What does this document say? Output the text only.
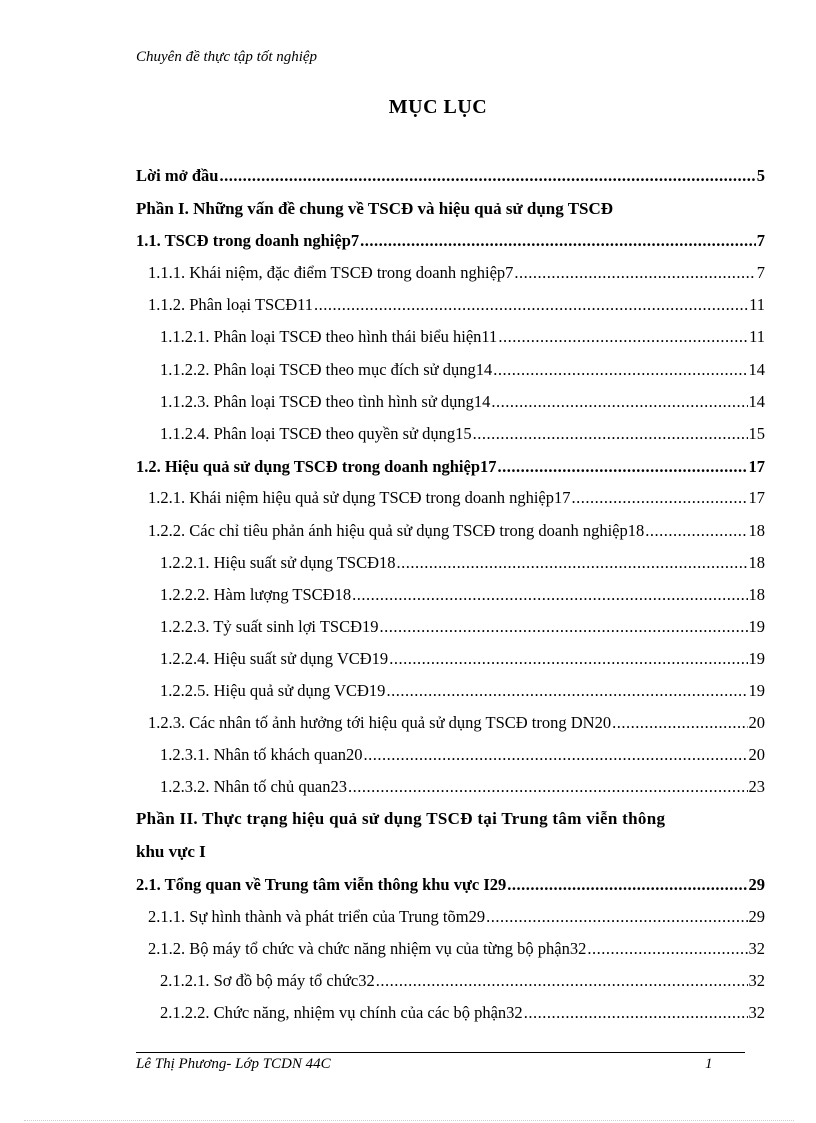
Chuyên đề thực tập tốt nghiệp
MỤC LỤC
Lời mở đầu .....	5
Phần I. Những vấn đề chung về TSCĐ và hiệu quả sử dụng TSCĐ
1.1. TSCĐ trong doanh nghiệp7 .....	7
1.1.1. Khái niệm, đặc điểm TSCĐ trong doanh nghiệp7 .....	7
1.1.2. Phân loại TSCĐ11 .....	11
1.1.2.1. Phân loại TSCĐ theo hình thái biểu hiện11 .....	11
1.1.2.2. Phân loại TSCĐ theo mục đích sử dụng14 .....	14
1.1.2.3. Phân loại TSCĐ theo tình hình sử dụng14 .....	14
1.1.2.4. Phân loại TSCĐ theo quyền sử dụng15 .....	15
1.2. Hiệu quả sử dụng TSCĐ trong doanh nghiệp17 .....	17
1.2.1. Khái niệm hiệu quả sử dụng TSCĐ trong doanh nghiệp17 .....	17
1.2.2. Các chỉ tiêu phản ánh hiệu quả sử dụng TSCĐ trong doanh nghiệp18 .....	18
1.2.2.1. Hiệu suất sử dụng TSCĐ18 .....	18
1.2.2.2. Hàm lượng TSCĐ18 .....	18
1.2.2.3. Tỷ suất sinh lợi TSCĐ19 .....	19
1.2.2.4. Hiệu suất sử dụng VCĐ19 .....	19
1.2.2.5. Hiệu quả sử dụng VCĐ19 .....	19
1.2.3. Các nhân tố ảnh hưởng tới hiệu quả sử dụng TSCĐ trong DN20 .....	20
1.2.3.1. Nhân tố khách quan20 .....	20
1.2.3.2. Nhân tố chủ quan23 .....	23
Phần II. Thực trạng hiệu quả sử dụng TSCĐ tại Trung tâm viễn thông
khu vực I
2.1. Tổng quan về Trung tâm viễn thông khu vực I29 .....	29
2.1.1. Sự hình thành và phát triển của Trung tõm29 .....	29
2.1.2. Bộ máy tổ chức và chức năng nhiệm vụ của từng bộ phận32 .....	32
2.1.2.1. Sơ đồ bộ máy tổ chức32 .....	32
2.1.2.2. Chức năng, nhiệm vụ chính của các bộ phận32 .....	32
Lê Thị Phương- Lớp TCDN 44C	1
